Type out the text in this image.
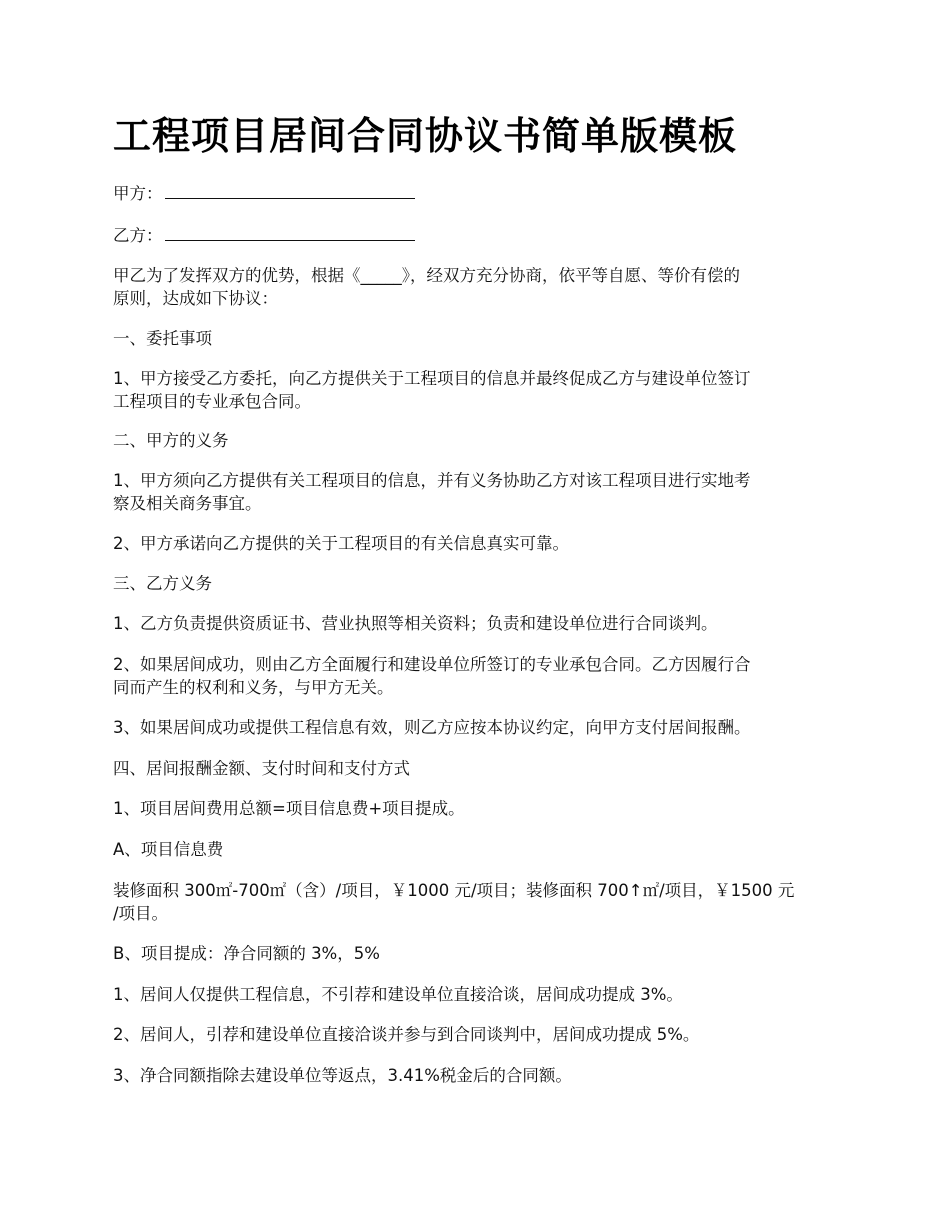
工程项目居间合同协议书简单版模板

甲方：

乙方：

甲乙为了发挥双方的优势，根据《_____》，经双方充分协商，依平等自愿、等价有偿的

原则，达成如下协议：

一、委托事项

1、甲方接受乙方委托，向乙方提供关于工程项目的信息并最终促成乙方与建设单位签订

工程项目的专业承包合同。

二、甲方的义务

1、甲方须向乙方提供有关工程项目的信息，并有义务协助乙方对该工程项目进行实地考

察及相关商务事宜。

2、甲方承诺向乙方提供的关于工程项目的有关信息真实可靠。

三、乙方义务

1、乙方负责提供资质证书、营业执照等相关资料；负责和建设单位进行合同谈判。

2、如果居间成功，则由乙方全面履行和建设单位所签订的专业承包合同。乙方因履行合

同而产生的权利和义务，与甲方无关。

3、如果居间成功或提供工程信息有效，则乙方应按本协议约定，向甲方支付居间报酬。

四、居间报酬金额、支付时间和支付方式

1、项目居间费用总额=项目信息费+项目提成。

A、项目信息费

装修面积 300㎡-700㎡（含）/项目，￥1000 元/项目；装修面积 700↑㎡/项目，￥1500 元

/项目。

B、项目提成：净合同额的 3%，5%

1、居间人仅提供工程信息，不引荐和建设单位直接洽谈，居间成功提成 3%。

2、居间人，引荐和建设单位直接洽谈并参与到合同谈判中，居间成功提成 5%。

3、净合同额指除去建设单位等返点，3.41%税金后的合同额。
